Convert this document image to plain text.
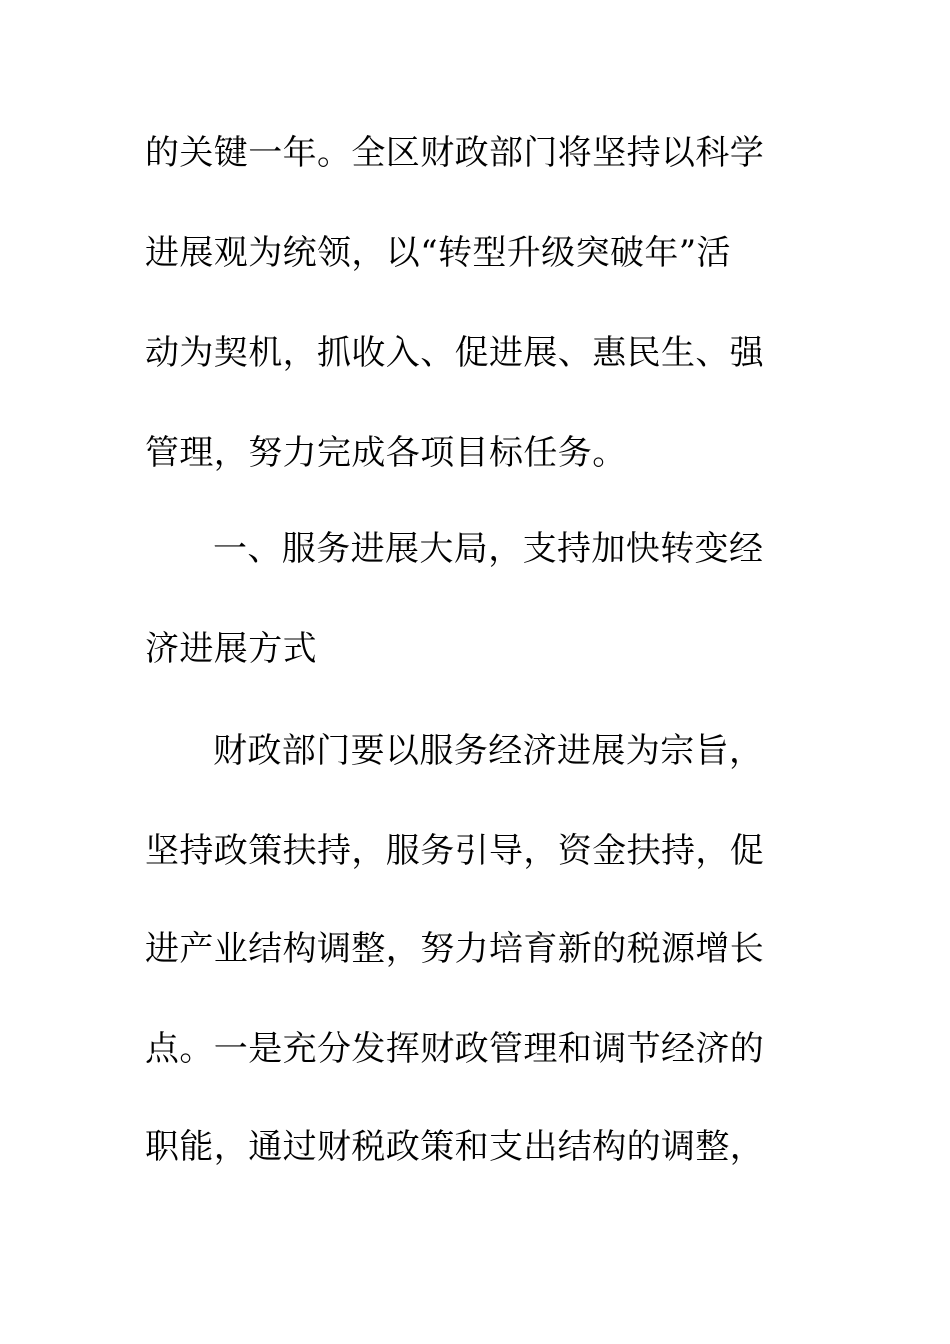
的关键一年。全区财政部门将坚持以科学
进展观为统领，以“转型升级突破年”活
动为契机，抓收入、促进展、惠民生、强
管理，努力完成各项目标任务。
一、服务进展大局，支持加快转变经
济进展方式
财政部门要以服务经济进展为宗旨，
坚持政策扶持，服务引导，资金扶持，促
进产业结构调整，努力培育新的税源增长
点。一是充分发挥财政管理和调节经济的
职能，通过财税政策和支出结构的调整，
